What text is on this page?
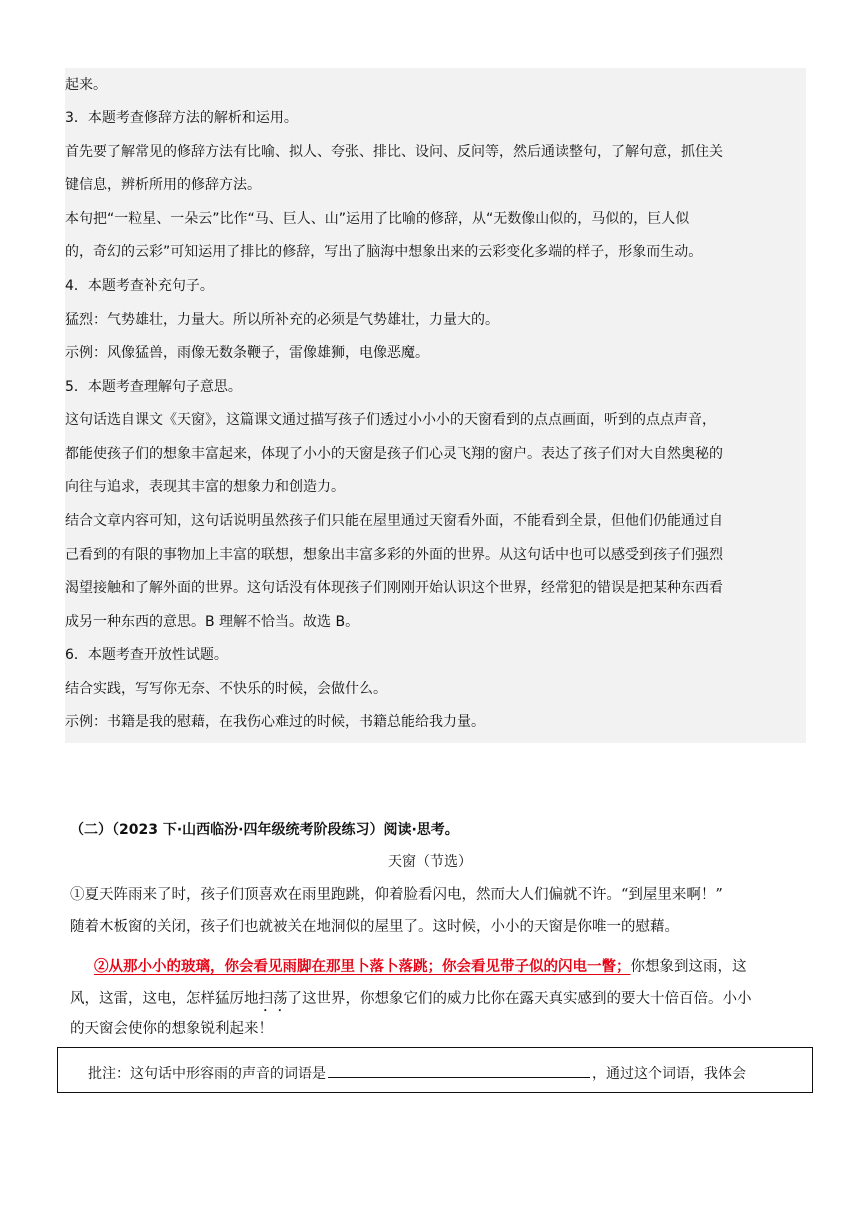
起来。
3．本题考查修辞方法的解析和运用。
首先要了解常见的修辞方法有比喻、拟人、夸张、排比、设问、反问等，然后通读整句，了解句意，抓住关
键信息，辨析所用的修辞方法。
本句把“一粒星、一朵云”比作“马、巨人、山”运用了比喻的修辞，从“无数像山似的，马似的，巨人似
的，奇幻的云彩”可知运用了排比的修辞，写出了脑海中想象出来的云彩变化多端的样子，形象而生动。
4．本题考查补充句子。
猛烈：气势雄壮，力量大。所以所补充的必须是气势雄壮，力量大的。
示例：风像猛兽，雨像无数条鞭子，雷像雄狮，电像恶魔。
5．本题考查理解句子意思。
这句话选自课文《天窗》，这篇课文通过描写孩子们透过小小小的天窗看到的点点画面，听到的点点声音，
都能使孩子们的想象丰富起来，体现了小小的天窗是孩子们心灵飞翔的窗户。表达了孩子们对大自然奥秘的
向往与追求，表现其丰富的想象力和创造力。
结合文章内容可知，这句话说明虽然孩子们只能在屋里通过天窗看外面，不能看到全景，但他们仍能通过自
己看到的有限的事物加上丰富的联想，想象出丰富多彩的外面的世界。从这句话中也可以感受到孩子们强烈
渴望接触和了解外面的世界。这句话没有体现孩子们刚刚开始认识这个世界，经常犯的错误是把某种东西看
成另一种东西的意思。B 理解不恰当。故选 B。
6．本题考查开放性试题。
结合实践，写写你无奈、不快乐的时候，会做什么。
示例：书籍是我的慰藉，在我伤心难过的时候，书籍总能给我力量。
（二）（2023 下·山西临汾·四年级统考阶段练习）阅读·思考。
天窗（节选）
①夏天阵雨来了时，孩子们顶喜欢在雨里跑跳，仰着脸看闪电，然而大人们偏就不许。“到屋里来啊！”
随着木板窗的关闭，孩子们也就被关在地洞似的屋里了。这时候，小小的天窗是你唯一的慰藉。
②从那小小的玻璃，你会看见雨脚在那里卜落卜落跳；你会看见带子似的闪电一瞥；你想象到这雨，这
风，这雷，这电，怎样猛厉地扫荡了这世界，你想象它们的威力比你在露天真实感到的要大十倍百倍。小小
的天窗会使你的想象锐利起来！
批注：这句话中形容雨的声音的词语是	，通过这个词语，我体会
